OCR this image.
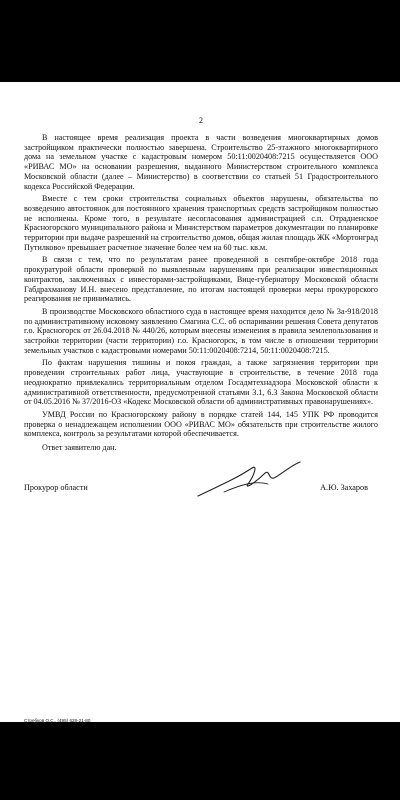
2

В настоящее время реализация проекта в части возведения многоквартирных домов застройщиком практически полностью завершена. Строительство 25-этажного многоквартирного дома на земельном участке с кадастровым номером 50:11:0020408:7215 осуществляется ООО «РИВАС МО» на основании разрешения, выданного Министерством строительного комплекса Московской области (далее – Министерство) в соответствии со статьей 51 Градостроительного кодекса Российской Федерации.

Вместе с тем сроки строительства социальных объектов нарушены, обязательства по возведению автостоянок для постоянного хранения транспортных средств застройщиком полностью не исполнены. Кроме того, в результате несогласования администрацией с.п. Отрадненское Красногорского муниципального района и Министерством параметров документации по планировке территории при выдаче разрешений на строительство домов, общая жилая площадь ЖК «Мортонград Путилково» превышает расчетное значение более чем на 60 тыс. кв.м.

В связи с тем, что по результатам ранее проведенной в сентябре-октябре 2018 года прокуратурой области проверкой по выявленным нарушениям при реализации инвестиционных контрактов, заключенных с инвесторами-застройщиками, Вице-губернатору Московской области Габдрахманову И.Н. внесено представление, по итогам настоящей проверки меры прокурорского реагирования не принимались.

В производстве Московского областного суда в настоящее время находится дело № 3а-918/2018 по административному исковому заявлению Смагина С.С. об оспаривании решения Совета депутатов г.о. Красногорск от 26.04.2018 № 440/26, которым внесены изменения в правила землепользования и застройки территории (части территории) г.о. Красногорск, в том числе в отношении территории земельных участков с кадастровыми номерами 50:11:0020408:7214, 50:11:0020408:7215.

По фактам нарушения тишины и покоя граждан, а также загрязнения территории при проведении строительных работ лица, участвующие в строительстве, в течение 2018 года неоднократно привлекались территориальным отделом Госадмтехнадзора Московской области к административной ответственности, предусмотренной статьями 3.1, 6.3 Закона Московской области от 04.05.2016 № 37/2016-ОЗ «Кодекс Московской области об административных правонарушениях».

УМВД России по Красногорскому району в порядке статей 144, 145 УПК РФ проводится проверка о ненадлежащем исполнении ООО «РИВАС МО» обязательств при строительстве жилого комплекса, контроль за результатами которой обеспечивается.

Ответ заявителю дан.

Прокурор области	А.Ю. Захаров
Стребков О.С., (495) 628-21-80
